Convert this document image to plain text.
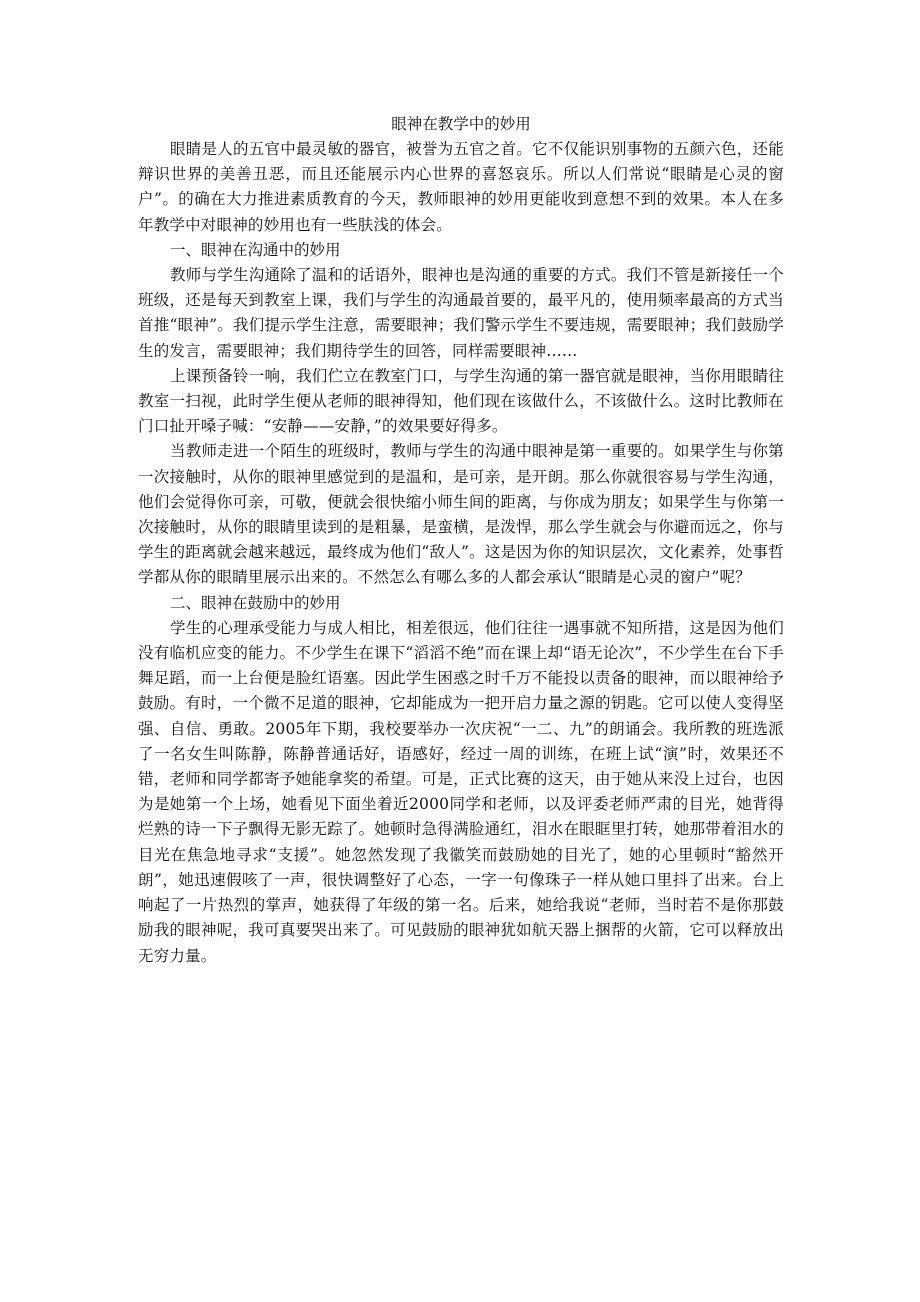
眼神在教学中的妙用

眼睛是人的五官中最灵敏的器官，被誉为五官之首。它不仅能识别事物的五颜六色，还能辩识世界的美善丑恶，而且还能展示内心世界的喜怒哀乐。所以人们常说“眼睛是心灵的窗户”。的确在大力推进素质教育的今天，教师眼神的妙用更能收到意想不到的效果。本人在多年教学中对眼神的妙用也有一些肤浅的体会。

一、眼神在沟通中的妙用

教师与学生沟通除了温和的话语外，眼神也是沟通的重要的方式。我们不管是新接任一个班级，还是每天到教室上课，我们与学生的沟通最首要的，最平凡的，使用频率最高的方式当首推“眼神”。我们提示学生注意，需要眼神；我们警示学生不要违规，需要眼神；我们鼓励学生的发言，需要眼神；我们期待学生的回答，同样需要眼神……

上课预备铃一响，我们伫立在教室门口，与学生沟通的第一器官就是眼神，当你用眼睛往教室一扫视，此时学生便从老师的眼神得知，他们现在该做什么，不该做什么。这时比教师在门口扯开嗓子喊：“安静——安静，”的效果要好得多。

当教师走进一个陌生的班级时，教师与学生的沟通中眼神是第一重要的。如果学生与你第一次接触时，从你的眼神里感觉到的是温和，是可亲，是开朗。那么你就很容易与学生沟通，他们会觉得你可亲，可敬，便就会很快缩小师生间的距离，与你成为朋友；如果学生与你第一次接触时，从你的眼睛里读到的是粗暴，是蛮横，是泼悍，那么学生就会与你避而远之，你与学生的距离就会越来越远，最终成为他们“敌人”。这是因为你的知识层次，文化素养，处事哲学都从你的眼睛里展示出来的。不然怎么有哪么多的人都会承认“眼睛是心灵的窗户”呢？

二、眼神在鼓励中的妙用

学生的心理承受能力与成人相比，相差很远，他们往往一遇事就不知所措，这是因为他们没有临机应变的能力。不少学生在课下“滔滔不绝”而在课上却“语无论次”，不少学生在台下手舞足蹈，而一上台便是脸红语塞。因此学生困惑之时千万不能投以责备的眼神，而以眼神给予鼓励。有时，一个微不足道的眼神，它却能成为一把开启力量之源的钥匙。它可以使人变得坚强、自信、勇敢。2005年下期，我校要举办一次庆祝“一二、九”的朗诵会。我所教的班选派了一名女生叫陈静，陈静普通话好，语感好，经过一周的训练，在班上试“演”时，效果还不错，老师和同学都寄予她能拿奖的希望。可是，正式比赛的这天，由于她从来没上过台，也因为是她第一个上场，她看见下面坐着近2000同学和老师，以及评委老师严肃的目光，她背得烂熟的诗一下子飘得无影无踪了。她顿时急得满脸通红，泪水在眼眶里打转，她那带着泪水的目光在焦急地寻求“支援”。她忽然发现了我徽笑而鼓励她的目光了，她的心里顿时“豁然开朗”，她迅速假咳了一声，很快调整好了心态，一字一句像珠子一样从她口里抖了出来。台上响起了一片热烈的掌声，她获得了年级的第一名。后来，她给我说“老师，当时若不是你那鼓励我的眼神呢，我可真要哭出来了。可见鼓励的眼神犹如航天器上捆帮的火箭，它可以释放出无穷力量。
